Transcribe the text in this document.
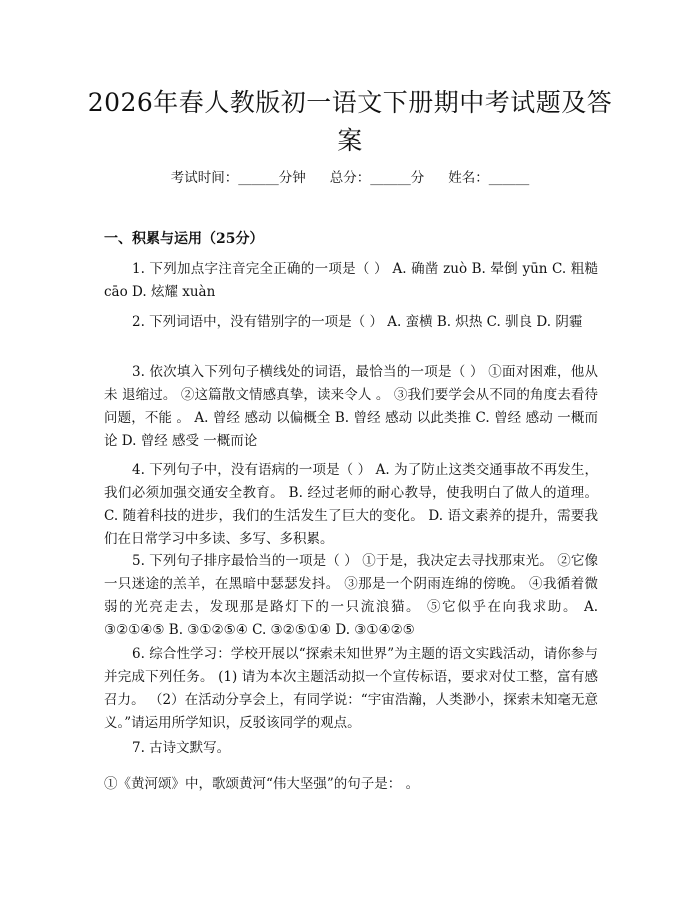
2026年春人教版初一语文下册期中考试题及答案
考试时间：______分钟 总分：______分 姓名：______
一、积累与运用（25分）

1. 下列加点字注音完全正确的一项是（ ） A. 确凿 zuò B. 晕倒 yūn C. 粗糙 cāo D. 炫耀 xuàn

2. 下列词语中，没有错别字的一项是（ ） A. 蛮横 B. 炽热 C. 驯良 D. 阴霾

3. 依次填入下列句子横线处的词语，最恰当的一项是（ ） ①面对困难，他从未 退缩过。 ②这篇散文情感真挚，读来令人 。 ③我们要学会从不同的角度去看待问题，不能 。 A. 曾经 感动 以偏概全 B. 曾经 感动 以此类推 C. 曾经 感动 一概而论 D. 曾经 感受 一概而论

4. 下列句子中，没有语病的一项是（ ） A. 为了防止这类交通事故不再发生，我们必须加强交通安全教育。 B. 经过老师的耐心教导，使我明白了做人的道理。 C. 随着科技的进步，我们的生活发生了巨大的变化。 D. 语文素养的提升，需要我们在日常学习中多读、多写、多积累。

5. 下列句子排序最恰当的一项是（ ） ①于是，我决定去寻找那束光。 ②它像一只迷途的羔羊，在黑暗中瑟瑟发抖。 ③那是一个阴雨连绵的傍晚。 ④我循着微弱的光亮走去，发现那是路灯下的一只流浪猫。 ⑤它似乎在向我求助。 A. ③②①④⑤ B. ③①②⑤④ C. ③②⑤①④ D. ③①④②⑤

6. 综合性学习：学校开展以“探索未知世界”为主题的语文实践活动，请你参与并完成下列任务。 (1) 请为本次主题活动拟一个宣传标语，要求对仗工整，富有感召力。 （2）在活动分享会上，有同学说：“宇宙浩瀚，人类渺小，探索未知毫无意义。”请运用所学知识，反驳该同学的观点。

7. 古诗文默写。

①《黄河颂》中，歌颂黄河“伟大坚强”的句子是： 。
